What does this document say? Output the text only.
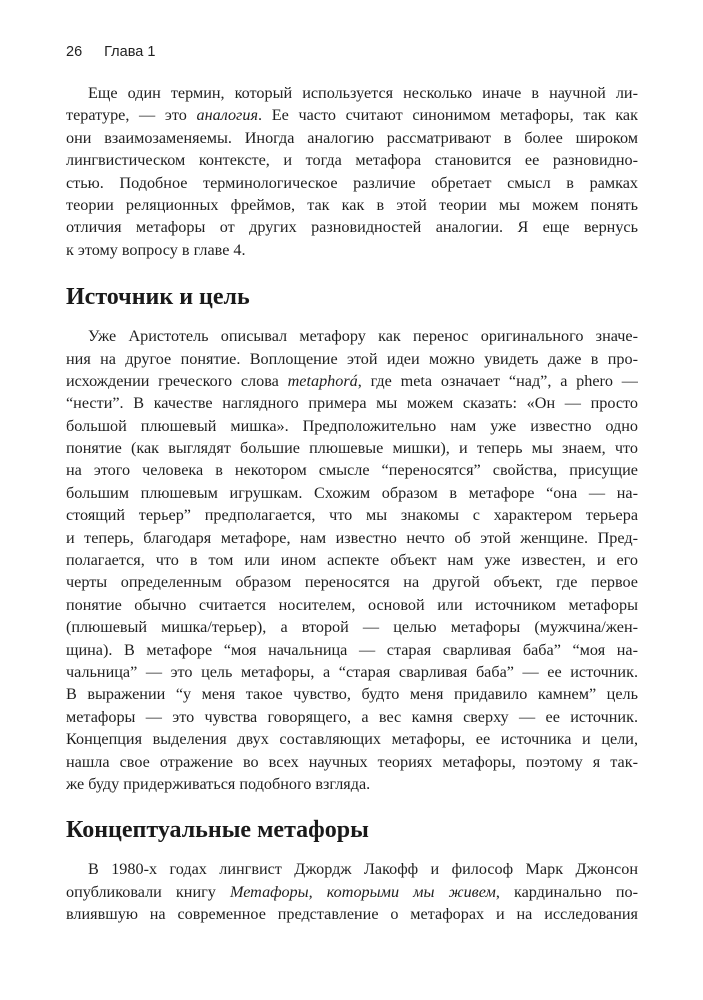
26 Глава 1
Еще один термин, который используется несколько иначе в научной ли-
тературе, — это аналогия. Ее часто считают синонимом метафоры, так как
они взаимозаменяемы. Иногда аналогию рассматривают в более широком
лингвистическом контексте, и тогда метафора становится ее разновидно-
стью. Подобное терминологическое различие обретает смысл в рамках
теории реляционных фреймов, так как в этой теории мы можем понять
отличия метафоры от других разновидностей аналогии. Я еще вернусь
к этому вопросу в главе 4.
Источник и цель
Уже Аристотель описывал метафору как перенос оригинального значе-
ния на другое понятие. Воплощение этой идеи можно увидеть даже в про-
исхождении греческого слова metaphorá, где meta означает “над”, а phero —
“нести”. В качестве наглядного примера мы можем сказать: «Он — просто
большой плюшевый мишка». Предположительно нам уже известно одно
понятие (как выглядят большие плюшевые мишки), и теперь мы знаем, что
на этого человека в некотором смысле “переносятся” свойства, присущие
большим плюшевым игрушкам. Схожим образом в метафоре “она — на-
стоящий терьер” предполагается, что мы знакомы с характером терьера
и теперь, благодаря метафоре, нам известно нечто об этой женщине. Пред-
полагается, что в том или ином аспекте объект нам уже известен, и его
черты определенным образом переносятся на другой объект, где первое
понятие обычно считается носителем, основой или источником метафоры
(плюшевый мишка/терьер), а второй — целью метафоры (мужчина/жен-
щина). В метафоре “моя начальница — старая сварливая баба” “моя на-
чальница” — это цель метафоры, а “старая сварливая баба” — ее источник.
В выражении “у меня такое чувство, будто меня придавило камнем” цель
метафоры — это чувства говорящего, а вес камня сверху — ее источник.
Концепция выделения двух составляющих метафоры, ее источника и цели,
нашла свое отражение во всех научных теориях метафоры, поэтому я так-
же буду придерживаться подобного взгляда.
Концептуальные метафоры
В 1980-х годах лингвист Джордж Лакофф и философ Марк Джонсон
опубликовали книгу Метафоры, которыми мы живем, кардинально по-
влиявшую на современное представление о метафорах и на исследования
